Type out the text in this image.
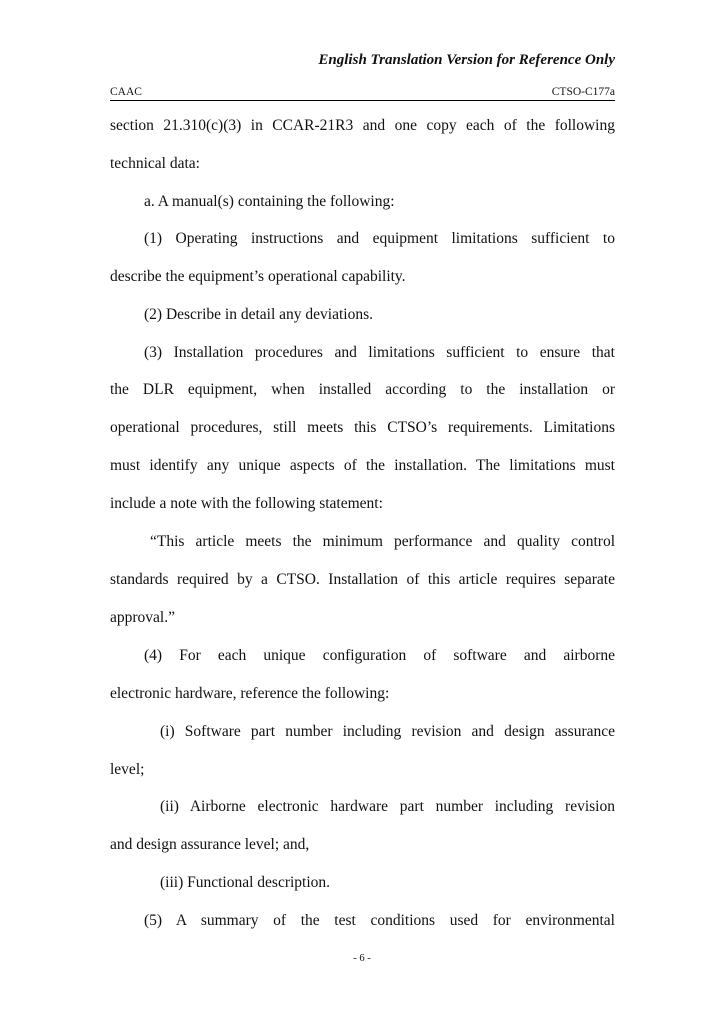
English Translation Version for Reference Only
CAAC	CTSO-C177a
section 21.310(c)(3) in CCAR-21R3 and one copy each of the following
technical data:
a. A manual(s) containing the following:
(1) Operating instructions and equipment limitations sufficient to
describe the equipment’s operational capability.
(2) Describe in detail any deviations.
(3) Installation procedures and limitations sufficient to ensure that
the DLR equipment, when installed according to the installation or
operational procedures, still meets this CTSO’s requirements. Limitations
must identify any unique aspects of the installation. The limitations must
include a note with the following statement:
“This article meets the minimum performance and quality control
standards required by a CTSO. Installation of this article requires separate
approval.”
(4) For each unique configuration of software and airborne
electronic hardware, reference the following:
(i) Software part number including revision and design assurance
level;
(ii) Airborne electronic hardware part number including revision
and design assurance level; and,
(iii) Functional description.
(5) A summary of the test conditions used for environmental
- 6 -
